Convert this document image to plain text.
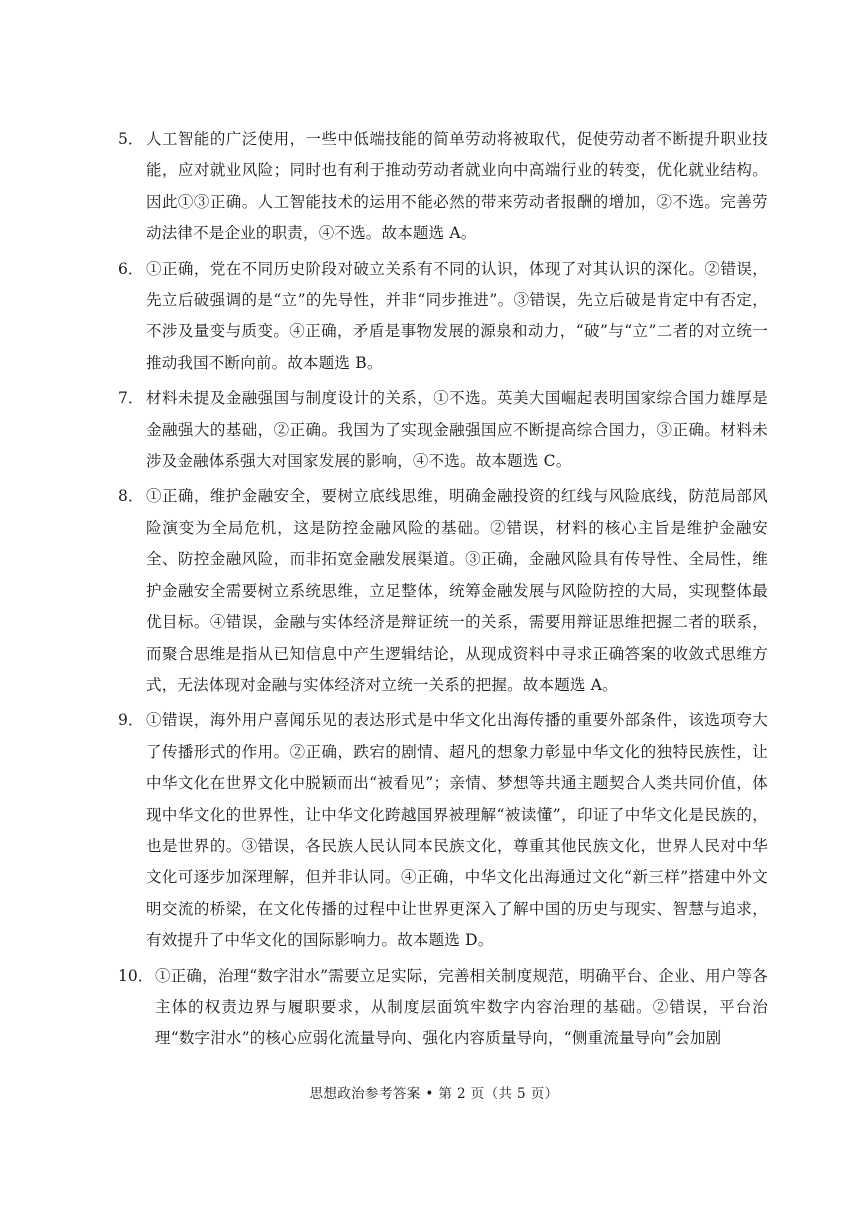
5． 人工智能的广泛使用，一些中低端技能的简单劳动将被取代，促使劳动者不断提升职业技能，应对就业风险；同时也有利于推动劳动者就业向中高端行业的转变，优化就业结构。因此①③正确。人工智能技术的运用不能必然的带来劳动者报酬的增加，②不选。完善劳动法律不是企业的职责，④不选。故本题选 A。
6． ①正确，党在不同历史阶段对破立关系有不同的认识，体现了对其认识的深化。②错误，先立后破强调的是“立”的先导性，并非“同步推进”。③错误，先立后破是肯定中有否定，不涉及量变与质变。④正确，矛盾是事物发展的源泉和动力，“破”与“立”二者的对立统一推动我国不断向前。故本题选 B。
7． 材料未提及金融强国与制度设计的关系，①不选。英美大国崛起表明国家综合国力雄厚是金融强大的基础，②正确。我国为了实现金融强国应不断提高综合国力，③正确。材料未涉及金融体系强大对国家发展的影响，④不选。故本题选 C。
8． ①正确，维护金融安全，要树立底线思维，明确金融投资的红线与风险底线，防范局部风险演变为全局危机，这是防控金融风险的基础。②错误，材料的核心主旨是维护金融安全、防控金融风险，而非拓宽金融发展渠道。③正确，金融风险具有传导性、全局性，维护金融安全需要树立系统思维，立足整体，统筹金融发展与风险防控的大局，实现整体最优目标。④错误，金融与实体经济是辩证统一的关系，需要用辩证思维把握二者的联系，而聚合思维是指从已知信息中产生逻辑结论，从现成资料中寻求正确答案的收敛式思维方式，无法体现对金融与实体经济对立统一关系的把握。故本题选 A。
9． ①错误，海外用户喜闻乐见的表达形式是中华文化出海传播的重要外部条件，该选项夸大了传播形式的作用。②正确，跌宕的剧情、超凡的想象力彰显中华文化的独特民族性，让中华文化在世界文化中脱颖而出“被看见”；亲情、梦想等共通主题契合人类共同价值，体现中华文化的世界性，让中华文化跨越国界被理解“被读懂”，印证了中华文化是民族的，也是世界的。③错误，各民族人民认同本民族文化，尊重其他民族文化，世界人民对中华文化可逐步加深理解，但并非认同。④正确，中华文化出海通过文化“新三样”搭建中外文明交流的桥梁，在文化传播的过程中让世界更深入了解中国的历史与现实、智慧与追求，有效提升了中华文化的国际影响力。故本题选 D。
10． ①正确，治理“数字泔水”需要立足实际，完善相关制度规范，明确平台、企业、用户等各主体的权责边界与履职要求，从制度层面筑牢数字内容治理的基础。②错误，平台治理“数字泔水”的核心应弱化流量导向、强化内容质量导向，“侧重流量导向”会加剧
思想政治参考答案 • 第 2 页（共 5 页）
